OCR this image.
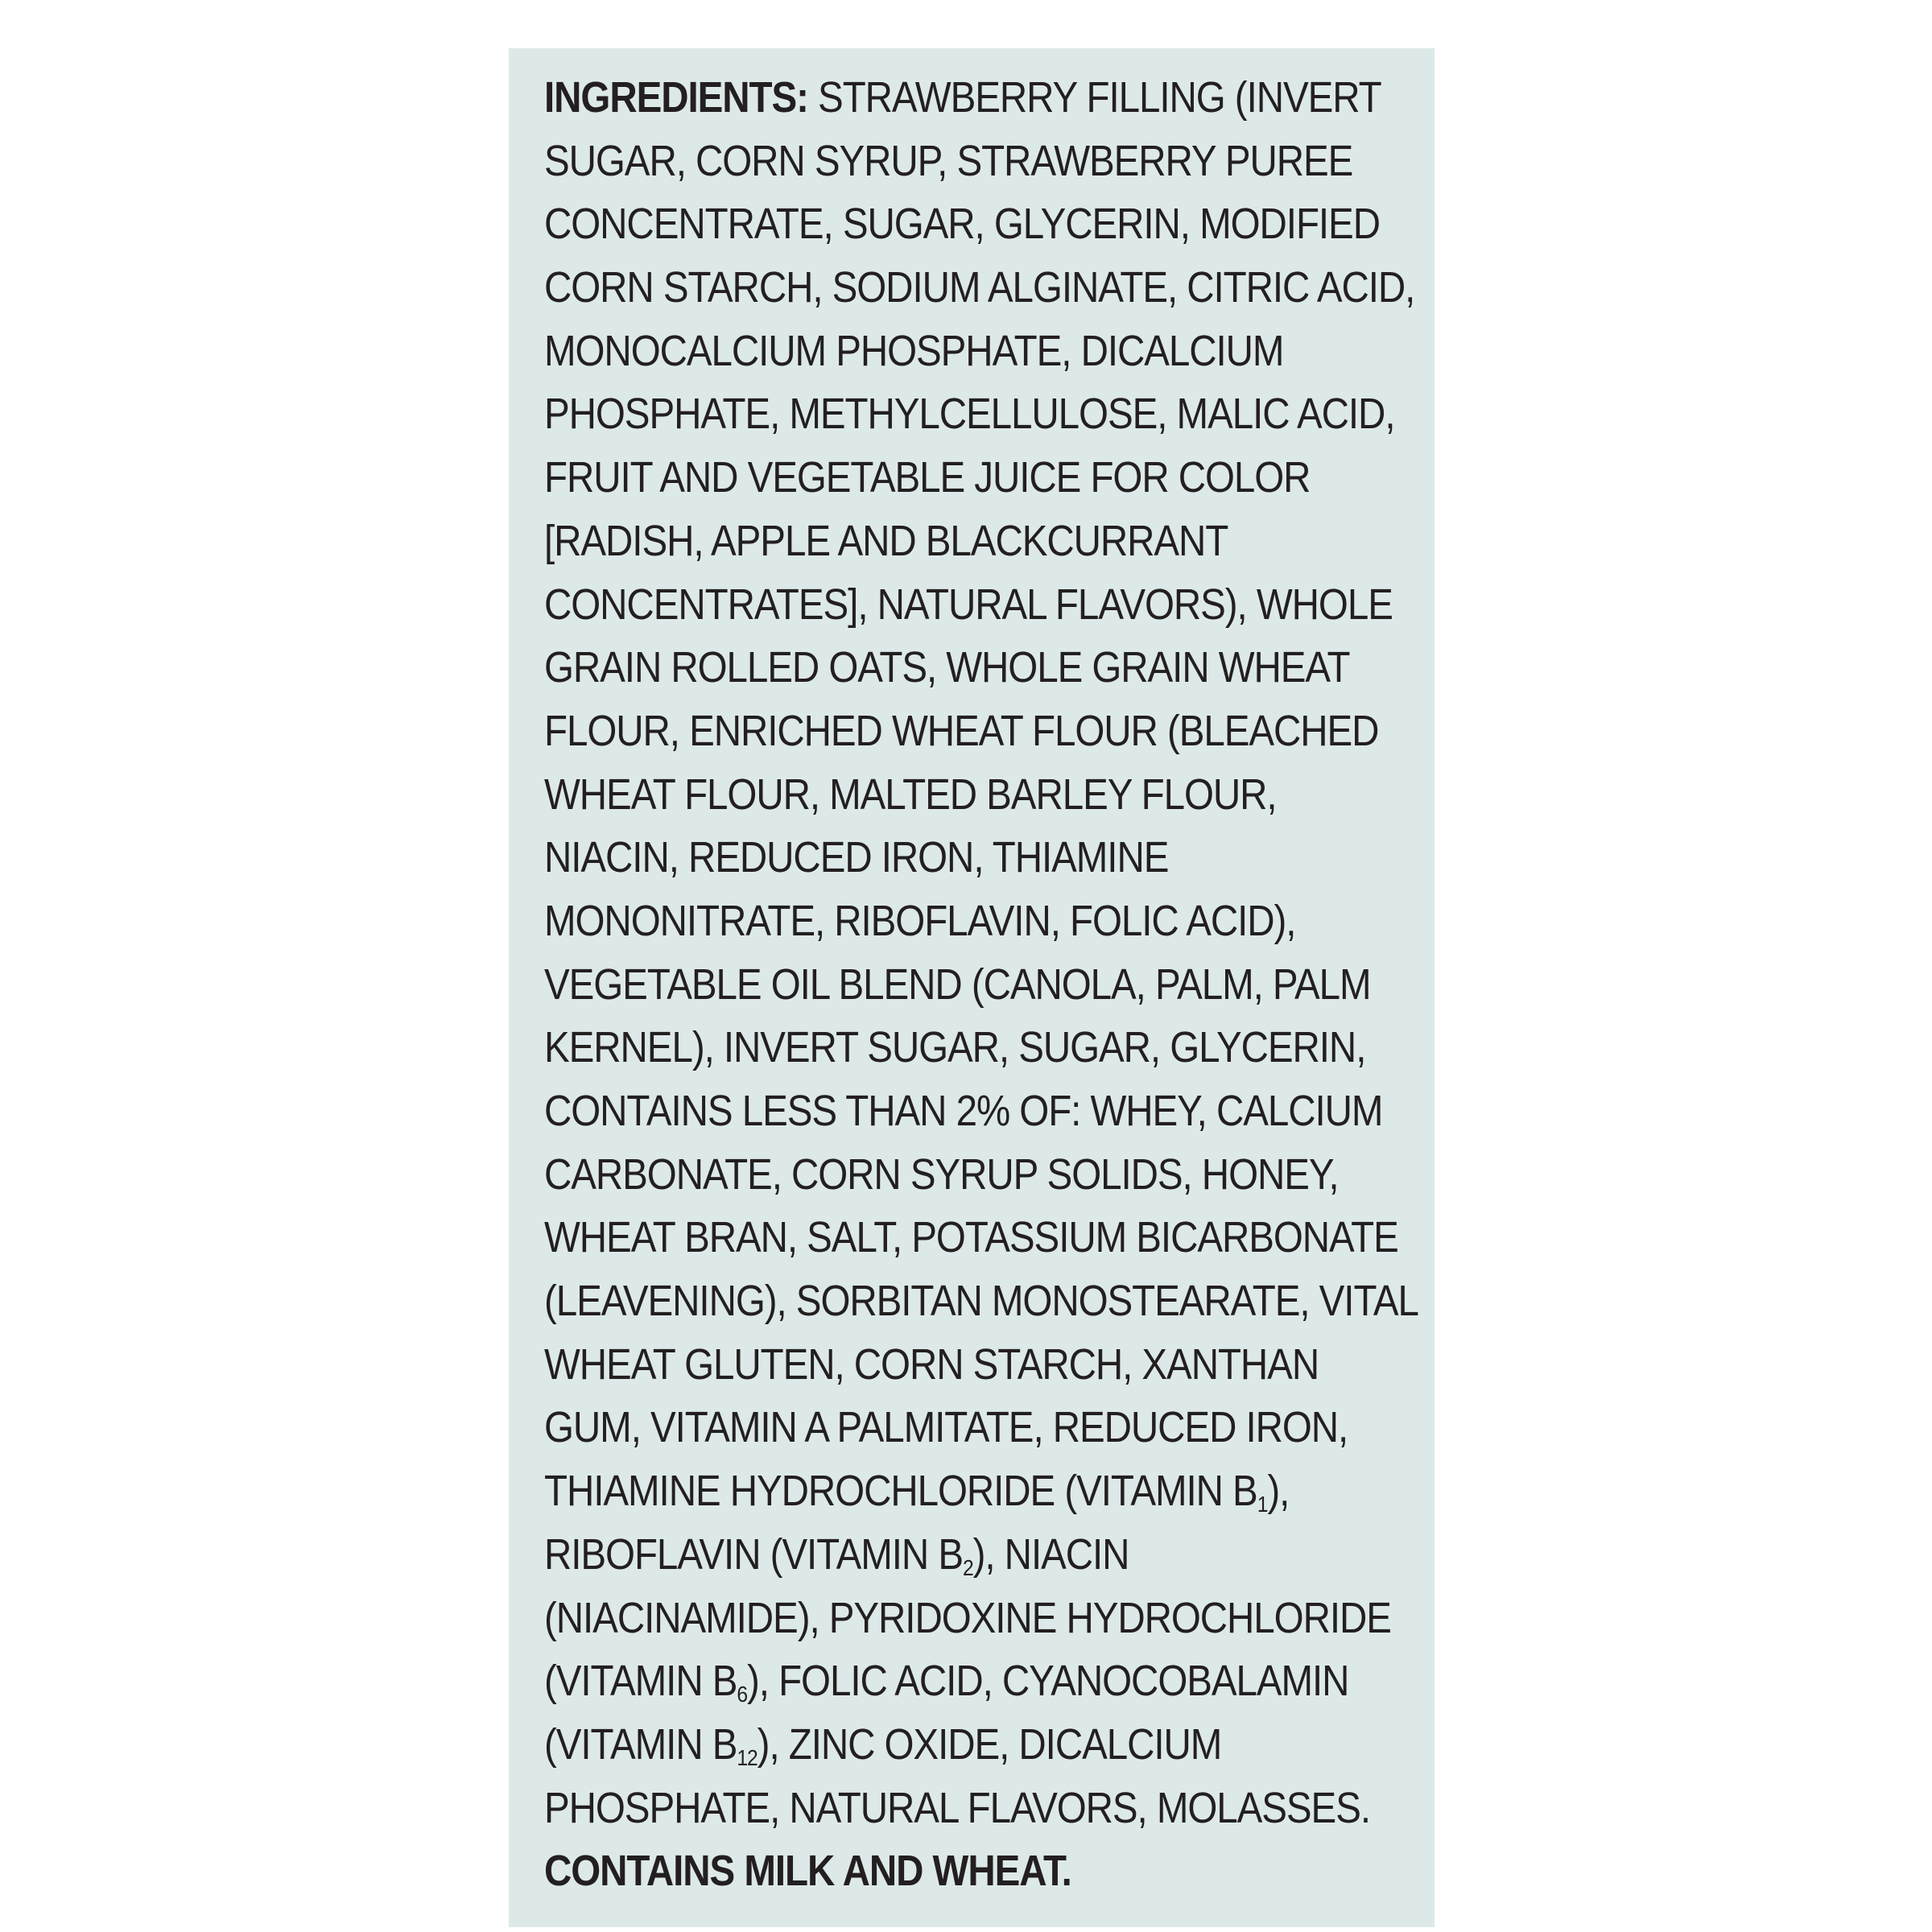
INGREDIENTS: STRAWBERRY FILLING (INVERT
SUGAR, CORN SYRUP, STRAWBERRY PUREE
CONCENTRATE, SUGAR, GLYCERIN, MODIFIED
CORN STARCH, SODIUM ALGINATE, CITRIC ACID,
MONOCALCIUM PHOSPHATE, DICALCIUM
PHOSPHATE, METHYLCELLULOSE, MALIC ACID,
FRUIT AND VEGETABLE JUICE FOR COLOR
[RADISH, APPLE AND BLACKCURRANT
CONCENTRATES], NATURAL FLAVORS), WHOLE
GRAIN ROLLED OATS, WHOLE GRAIN WHEAT
FLOUR, ENRICHED WHEAT FLOUR (BLEACHED
WHEAT FLOUR, MALTED BARLEY FLOUR,
NIACIN, REDUCED IRON, THIAMINE
MONONITRATE, RIBOFLAVIN, FOLIC ACID),
VEGETABLE OIL BLEND (CANOLA, PALM, PALM
KERNEL), INVERT SUGAR, SUGAR, GLYCERIN,
CONTAINS LESS THAN 2% OF: WHEY, CALCIUM
CARBONATE, CORN SYRUP SOLIDS, HONEY,
WHEAT BRAN, SALT, POTASSIUM BICARBONATE
(LEAVENING), SORBITAN MONOSTEARATE, VITAL
WHEAT GLUTEN, CORN STARCH, XANTHAN
GUM, VITAMIN A PALMITATE, REDUCED IRON,
THIAMINE HYDROCHLORIDE (VITAMIN $B_1$),
RIBOFLAVIN (VITAMIN $B_2$), NIACIN
(NIACINAMIDE), PYRIDOXINE HYDROCHLORIDE
(VITAMIN $B_6$), FOLIC ACID, CYANOCOBALAMIN
(VITAMIN $B_{12}$), ZINC OXIDE, DICALCIUM
PHOSPHATE, NATURAL FLAVORS, MOLASSES.
CONTAINS MILK AND WHEAT.
